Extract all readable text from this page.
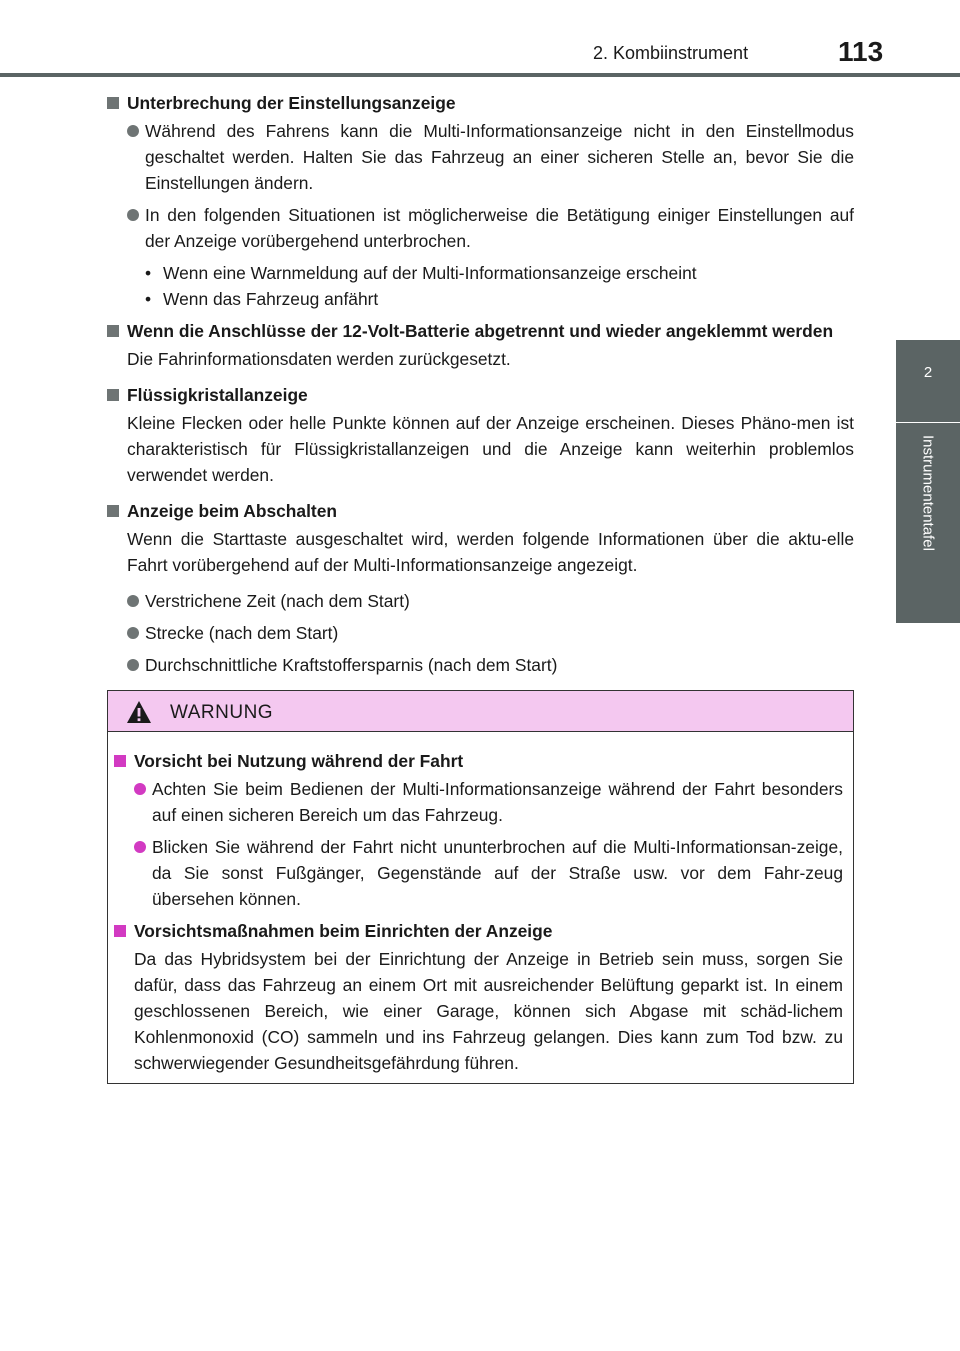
2. Kombiinstrument	113
2
Instrumententafel

Unterbrechung der Einstellungsanzeige

Während des Fahrens kann die Multi-Informationsanzeige nicht in den Einstellmodus geschaltet werden. Halten Sie das Fahrzeug an einer sicheren Stelle an, bevor Sie die Einstellungen ändern.

In den folgenden Situationen ist möglicherweise die Betätigung einiger Einstellungen auf der Anzeige vorübergehend unterbrochen.

• Wenn eine Warnmeldung auf der Multi-Informationsanzeige erscheint

• Wenn das Fahrzeug anfährt

Wenn die Anschlüsse der 12-Volt-Batterie abgetrennt und wieder angeklemmt werden

Die Fahrinformationsdaten werden zurückgesetzt.

Flüssigkristallanzeige

Kleine Flecken oder helle Punkte können auf der Anzeige erscheinen. Dieses Phäno-men ist charakteristisch für Flüssigkristallanzeigen und die Anzeige kann weiterhin problemlos verwendet werden.

Anzeige beim Abschalten

Wenn die Starttaste ausgeschaltet wird, werden folgende Informationen über die aktu-elle Fahrt vorübergehend auf der Multi-Informationsanzeige angezeigt.

Verstrichene Zeit (nach dem Start)

Strecke (nach dem Start)

Durchschnittliche Kraftstoffersparnis (nach dem Start)

WARNUNG

Vorsicht bei Nutzung während der Fahrt

Achten Sie beim Bedienen der Multi-Informationsanzeige während der Fahrt besonders auf einen sicheren Bereich um das Fahrzeug.

Blicken Sie während der Fahrt nicht ununterbrochen auf die Multi-Informationsan-zeige, da Sie sonst Fußgänger, Gegenstände auf der Straße usw. vor dem Fahr-zeug übersehen können.

Vorsichtsmaßnahmen beim Einrichten der Anzeige

Da das Hybridsystem bei der Einrichtung der Anzeige in Betrieb sein muss, sorgen Sie dafür, dass das Fahrzeug an einem Ort mit ausreichender Belüftung geparkt ist. In einem geschlossenen Bereich, wie einer Garage, können sich Abgase mit schäd-lichem Kohlenmonoxid (CO) sammeln und ins Fahrzeug gelangen. Dies kann zum Tod bzw. zu schwerwiegender Gesundheitsgefährdung führen.
